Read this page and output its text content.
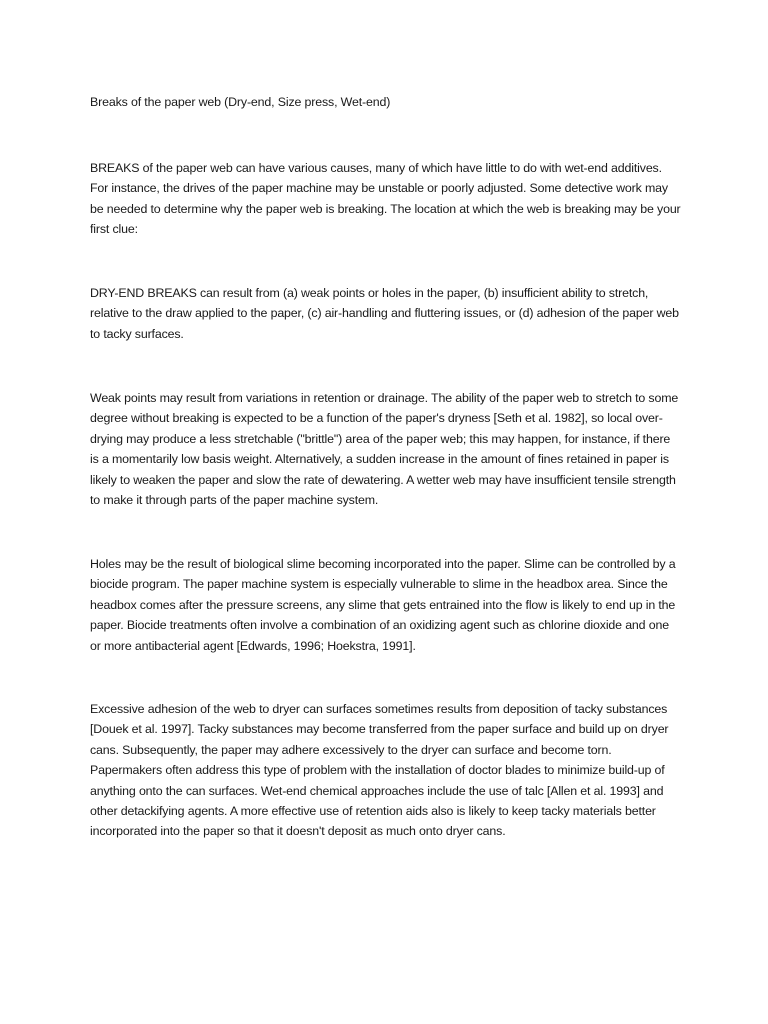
Breaks of the paper web (Dry-end, Size press, Wet-end)

BREAKS of the paper web can have various causes, many of which have little to do with wet-end additives. For instance, the drives of the paper machine may be unstable or poorly adjusted. Some detective work may be needed to determine why the paper web is breaking. The location at which the web is breaking may be your first clue:

DRY-END BREAKS can result from (a) weak points or holes in the paper, (b) insufficient ability to stretch, relative to the draw applied to the paper, (c) air-handling and fluttering issues, or (d) adhesion of the paper web to tacky surfaces.

Weak points may result from variations in retention or drainage. The ability of the paper web to stretch to some degree without breaking is expected to be a function of the paper's dryness [Seth et al. 1982], so local over-drying may produce a less stretchable ("brittle") area of the paper web; this may happen, for instance, if there is a momentarily low basis weight. Alternatively, a sudden increase in the amount of fines retained in paper is likely to weaken the paper and slow the rate of dewatering. A wetter web may have insufficient tensile strength to make it through parts of the paper machine system.

Holes may be the result of biological slime becoming incorporated into the paper. Slime can be controlled by a biocide program. The paper machine system is especially vulnerable to slime in the headbox area. Since the headbox comes after the pressure screens, any slime that gets entrained into the flow is likely to end up in the paper. Biocide treatments often involve a combination of an oxidizing agent such as chlorine dioxide and one or more antibacterial agent [Edwards, 1996; Hoekstra, 1991].

Excessive adhesion of the web to dryer can surfaces sometimes results from deposition of tacky substances [Douek et al. 1997]. Tacky substances may become transferred from the paper surface and build up on dryer cans. Subsequently, the paper may adhere excessively to the dryer can surface and become torn. Papermakers often address this type of problem with the installation of doctor blades to minimize build-up of anything onto the can surfaces. Wet-end chemical approaches include the use of talc [Allen et al. 1993] and other detackifying agents. A more effective use of retention aids also is likely to keep tacky materials better incorporated into the paper so that it doesn't deposit as much onto dryer cans.
